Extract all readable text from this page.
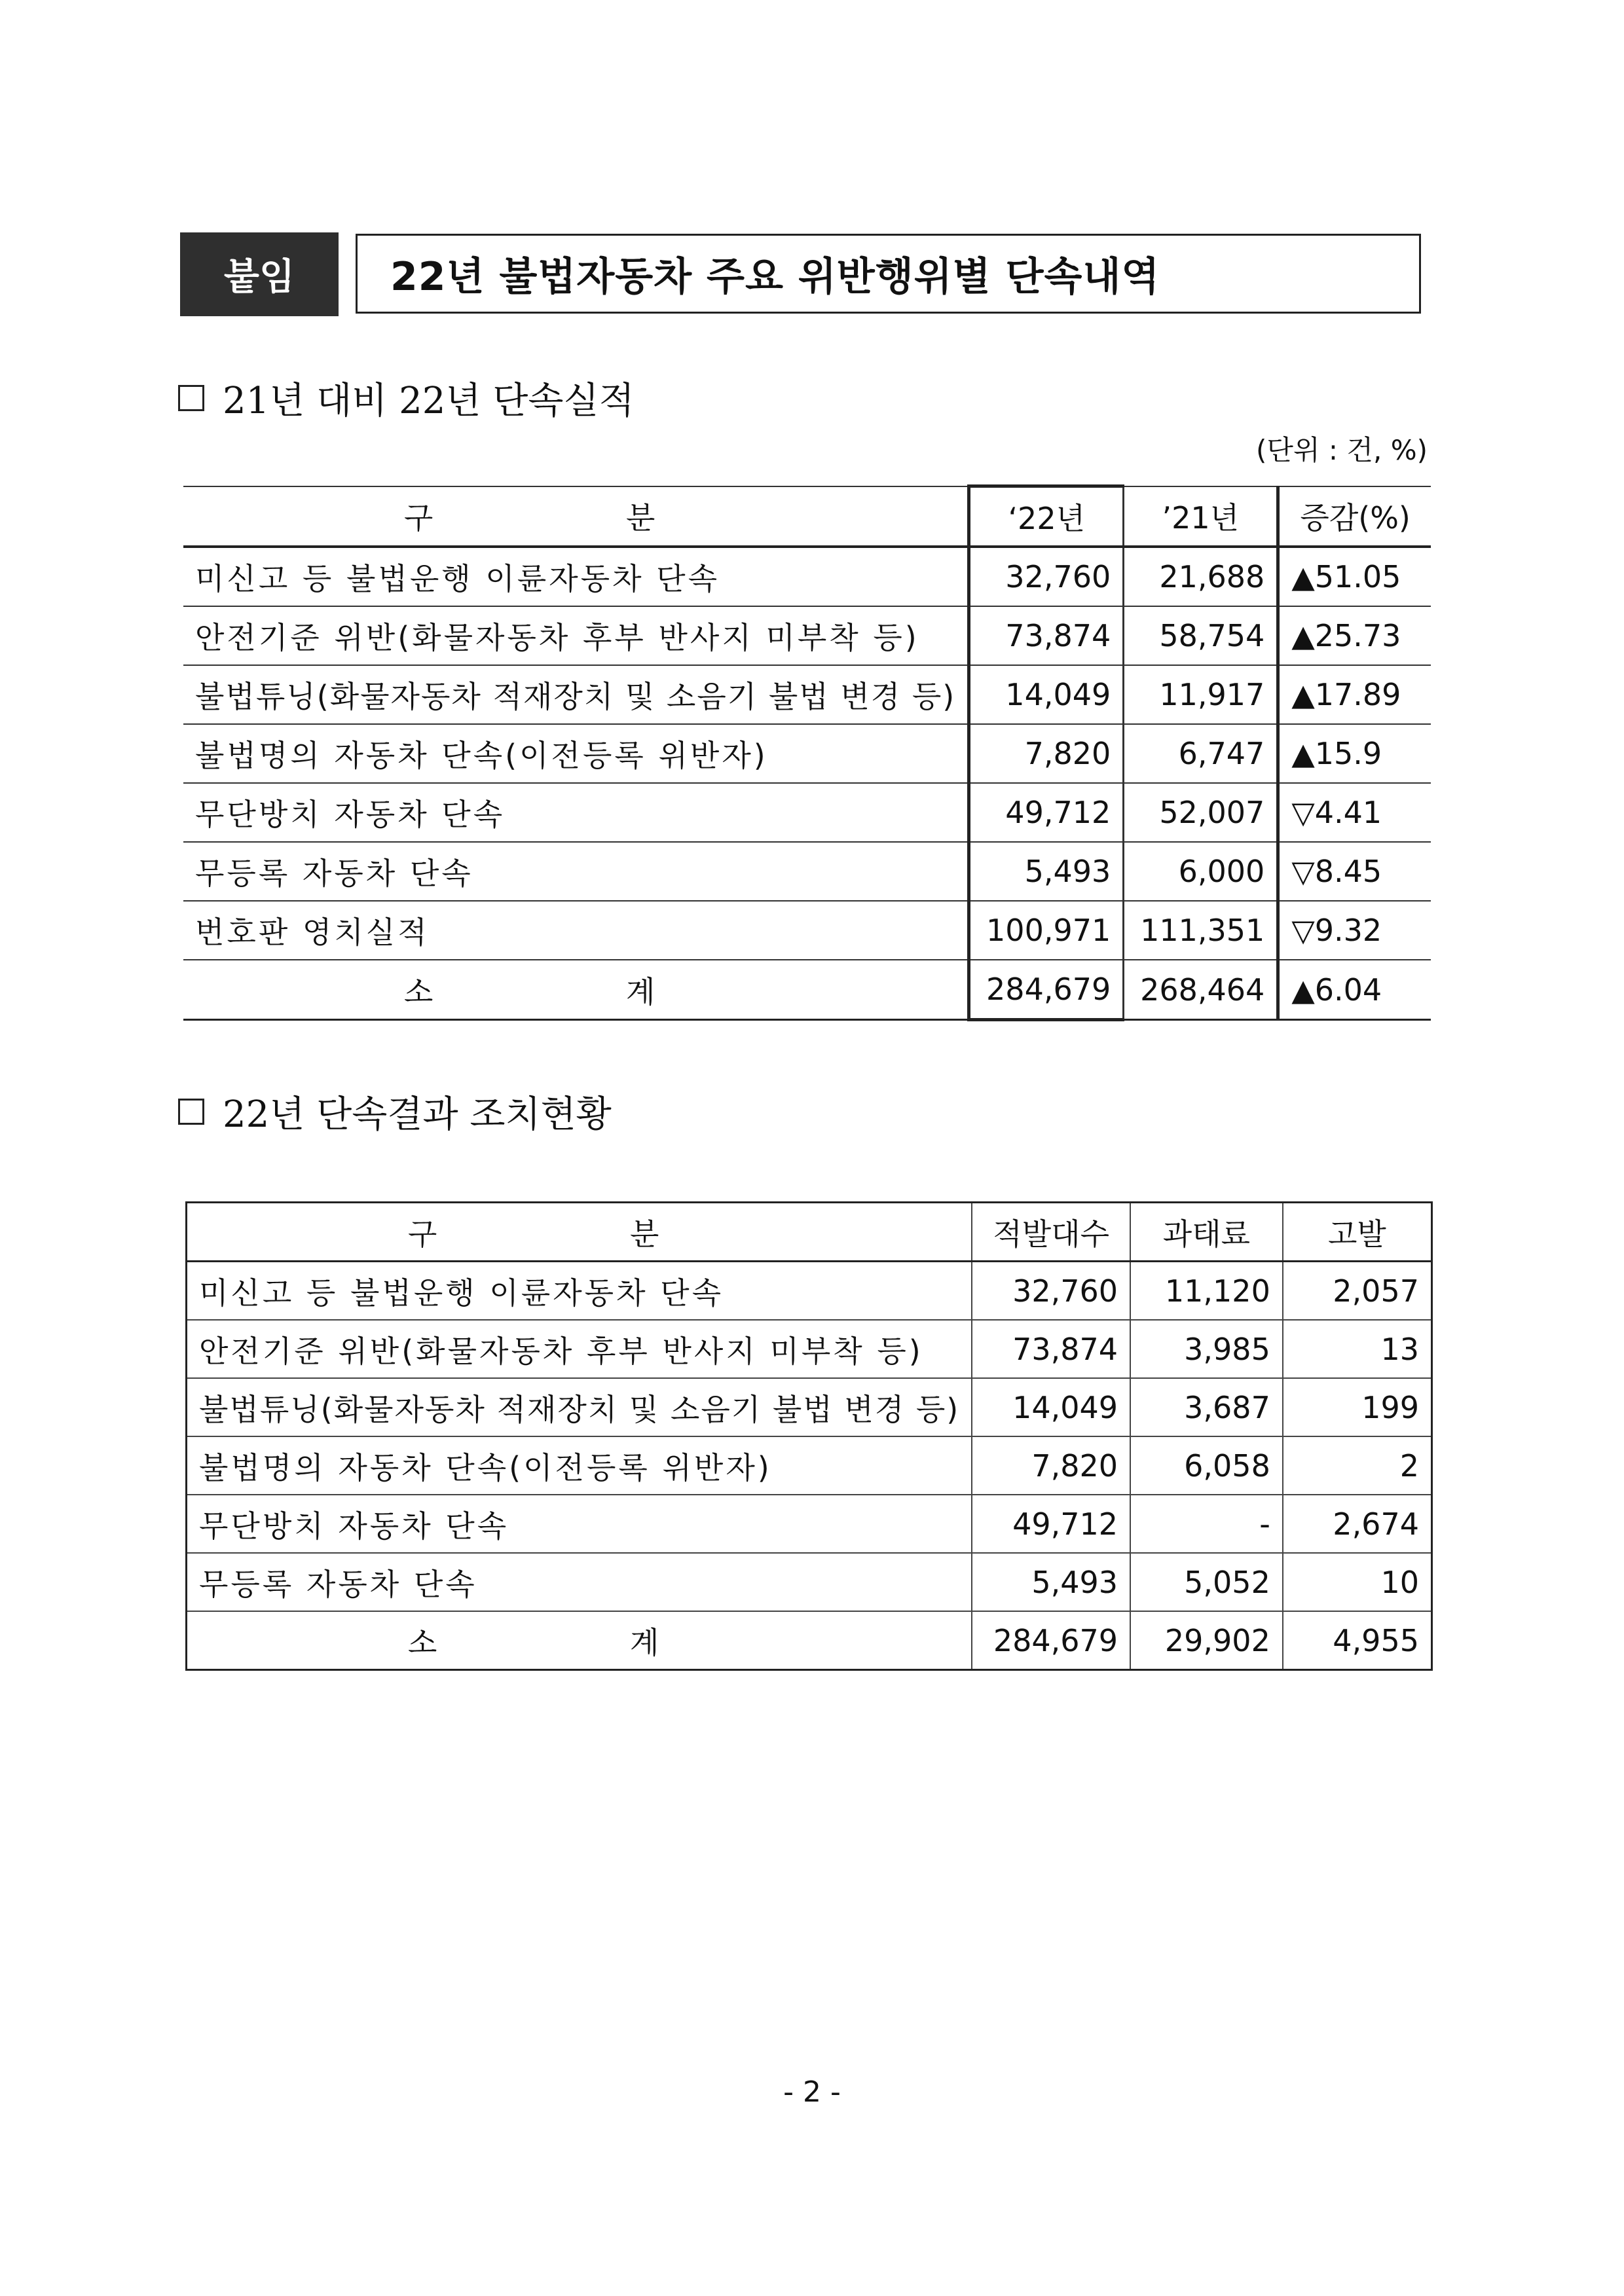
붙임	22년 불법자동차 주요 위반행위별 단속내역
21년 대비 22년 단속실적
(단위 : 건, %)
구 분	‘22년	’21년	증감(%)
미신고 등 불법운행 이륜자동차 단속	32,760	21,688	▲51.05
안전기준 위반(화물자동차 후부 반사지 미부착 등)	73,874	58,754	▲25.73
불법튜닝(화물자동차 적재장치 및 소음기 불법 변경 등)	14,049	11,917	▲17.89
불법명의 자동차 단속(이전등록 위반자)	7,820	6,747	▲15.9
무단방치 자동차 단속	49,712	52,007	▽4.41
무등록 자동차 단속	5,493	6,000	▽8.45
번호판 영치실적	100,971	111,351	▽9.32
소 계	284,679	268,464	▲6.04
22년 단속결과 조치현황
구 분	적발대수	과태료	고발
미신고 등 불법운행 이륜자동차 단속	32,760	11,120	2,057
안전기준 위반(화물자동차 후부 반사지 미부착 등)	73,874	3,985	13
불법튜닝(화물자동차 적재장치 및 소음기 불법 변경 등)	14,049	3,687	199
불법명의 자동차 단속(이전등록 위반자)	7,820	6,058	2
무단방치 자동차 단속	49,712	-	2,674
무등록 자동차 단속	5,493	5,052	10
소 계	284,679	29,902	4,955
- 2 -
